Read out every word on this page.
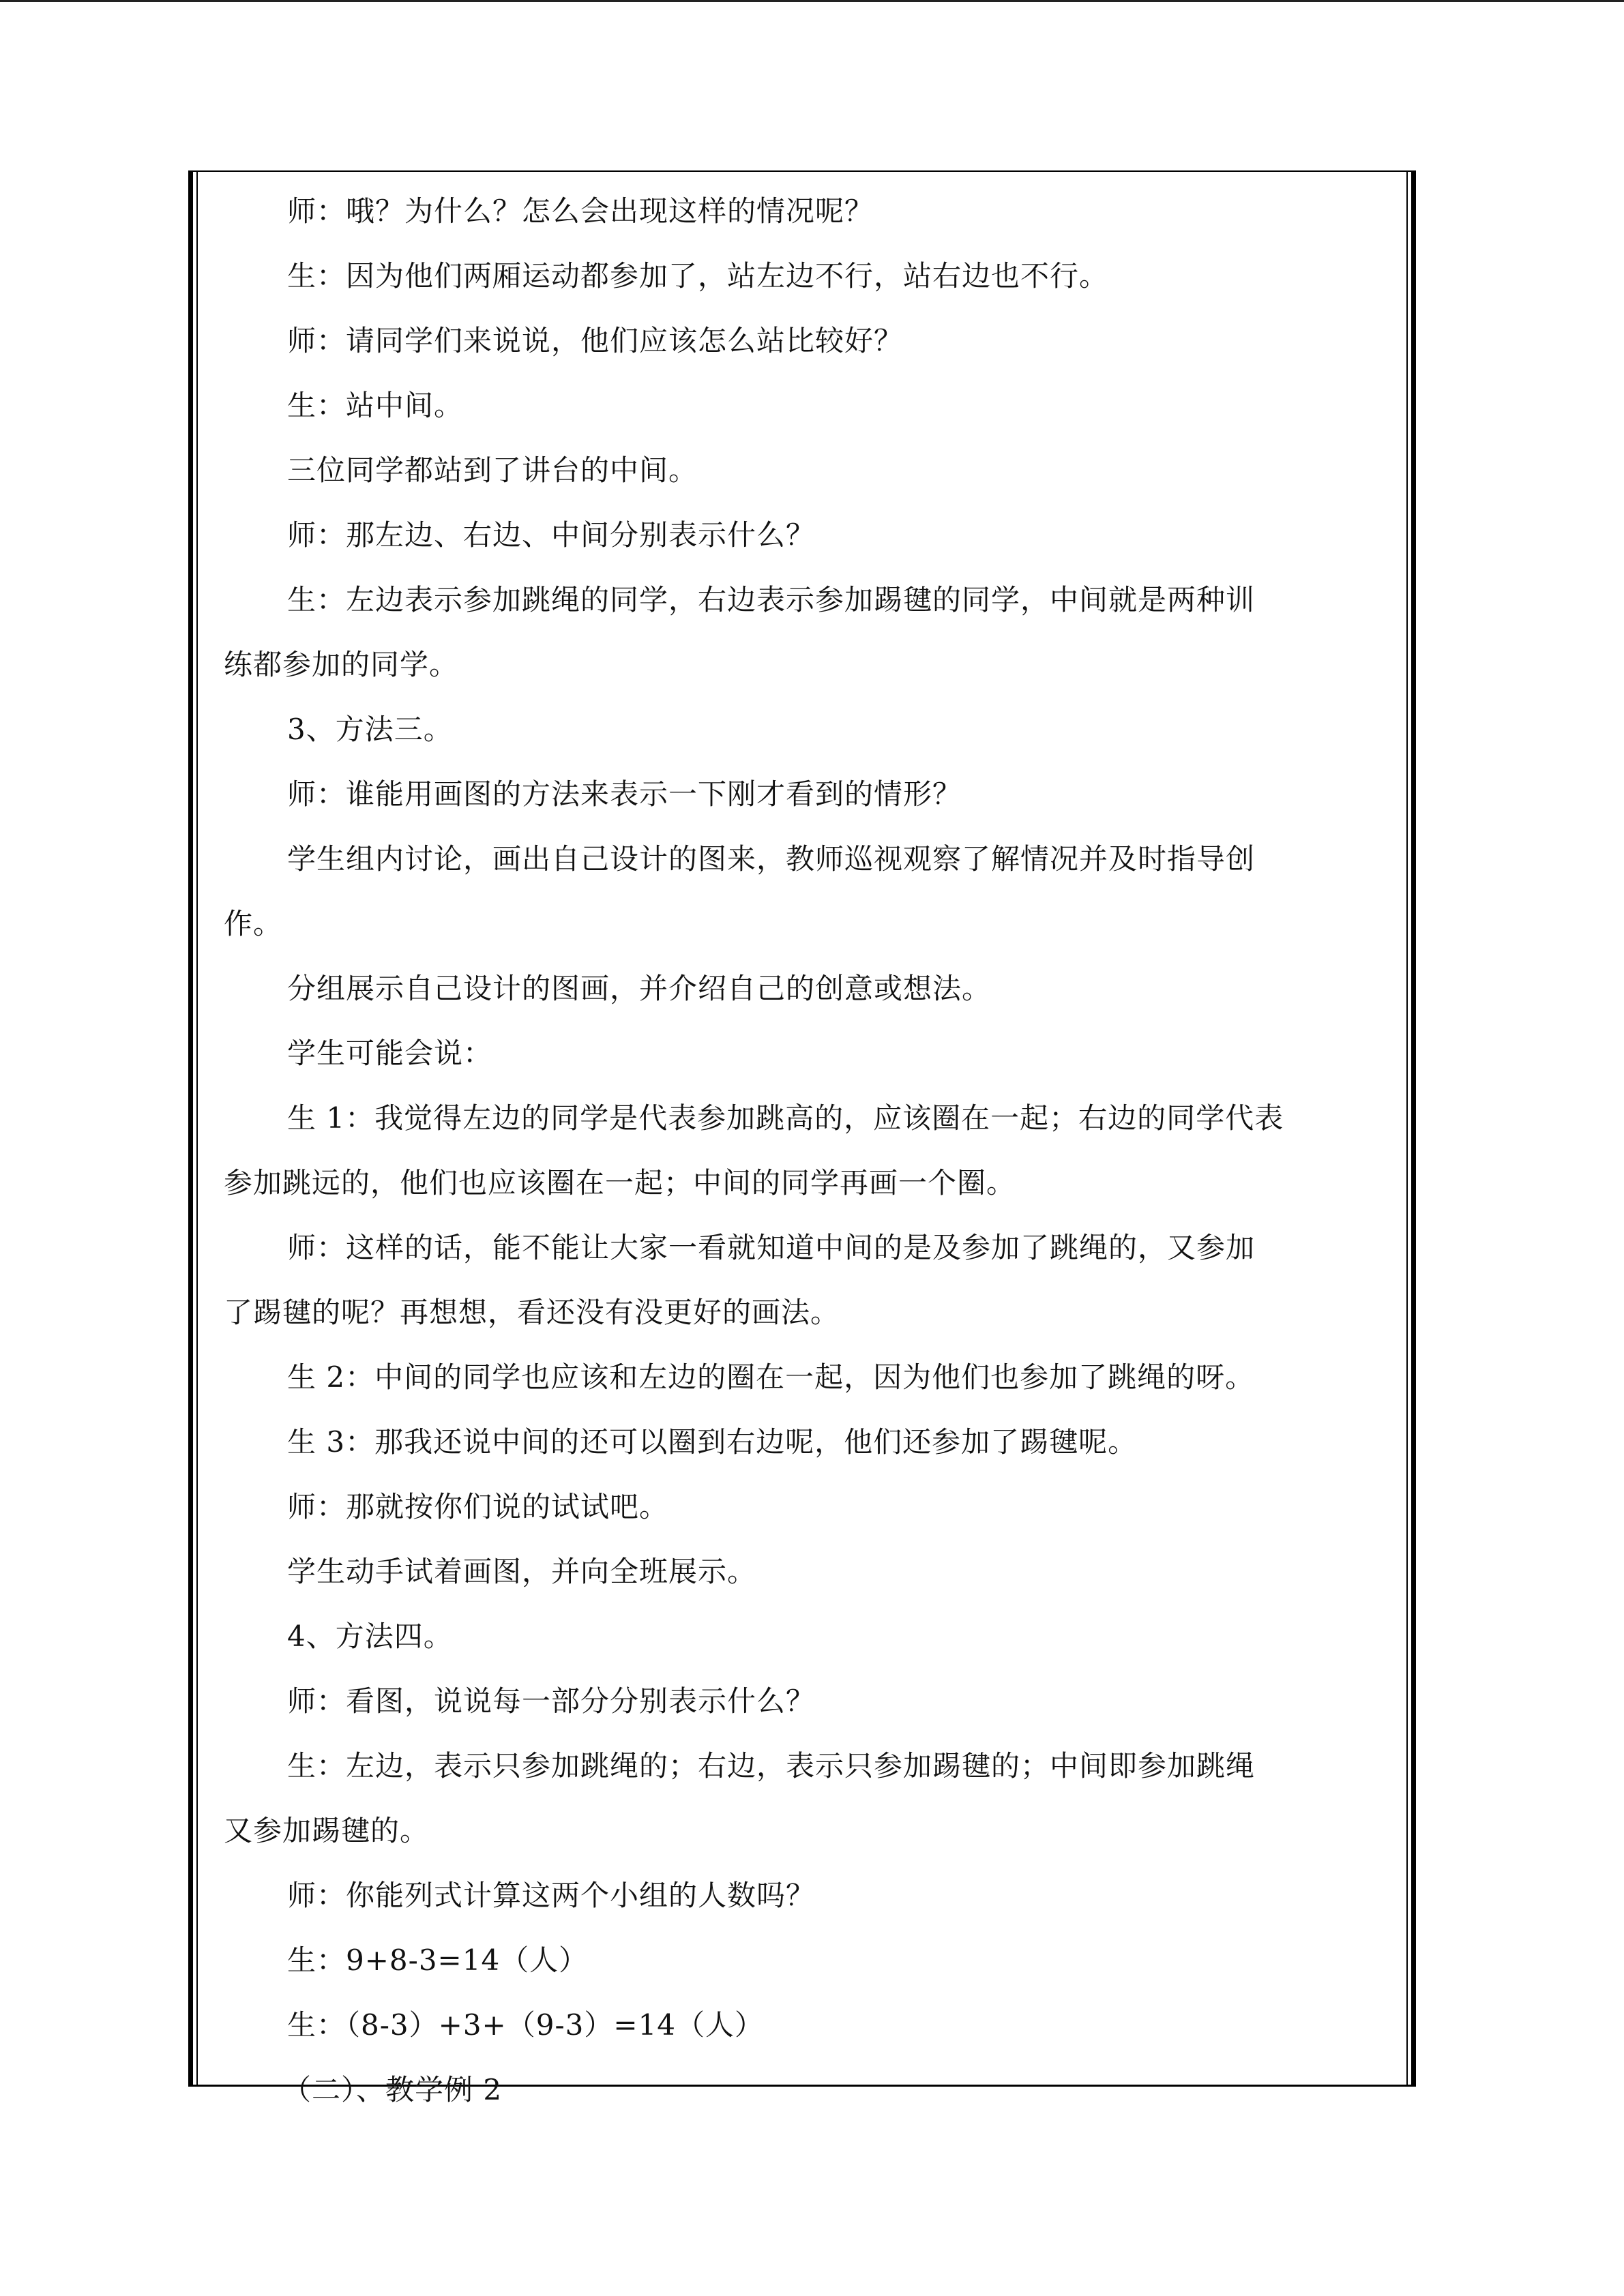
师：哦？为什么？怎么会出现这样的情况呢？
生：因为他们两厢运动都参加了，站左边不行，站右边也不行。
师：请同学们来说说，他们应该怎么站比较好？
生：站中间。
三位同学都站到了讲台的中间。
师：那左边、右边、中间分别表示什么？
生：左边表示参加跳绳的同学，右边表示参加踢毽的同学，中间就是两种训
练都参加的同学。
3、方法三。
师：谁能用画图的方法来表示一下刚才看到的情形？
学生组内讨论，画出自己设计的图来，教师巡视观察了解情况并及时指导创
作。
分组展示自己设计的图画，并介绍自己的创意或想法。
学生可能会说：
生 1：我觉得左边的同学是代表参加跳高的，应该圈在一起；右边的同学代表
参加跳远的，他们也应该圈在一起；中间的同学再画一个圈。
师：这样的话，能不能让大家一看就知道中间的是及参加了跳绳的，又参加
了踢毽的呢？再想想，看还没有没更好的画法。
生 2：中间的同学也应该和左边的圈在一起，因为他们也参加了跳绳的呀。
生 3：那我还说中间的还可以圈到右边呢，他们还参加了踢毽呢。
师：那就按你们说的试试吧。
学生动手试着画图，并向全班展示。
4、方法四。
师：看图，说说每一部分分别表示什么？
生：左边，表示只参加跳绳的；右边，表示只参加踢毽的；中间即参加跳绳
又参加踢毽的。
师：你能列式计算这两个小组的人数吗？
生：9+8-3=14（人）
生：（8-3）+3+（9-3）=14（人）
（二）、教学例 2
